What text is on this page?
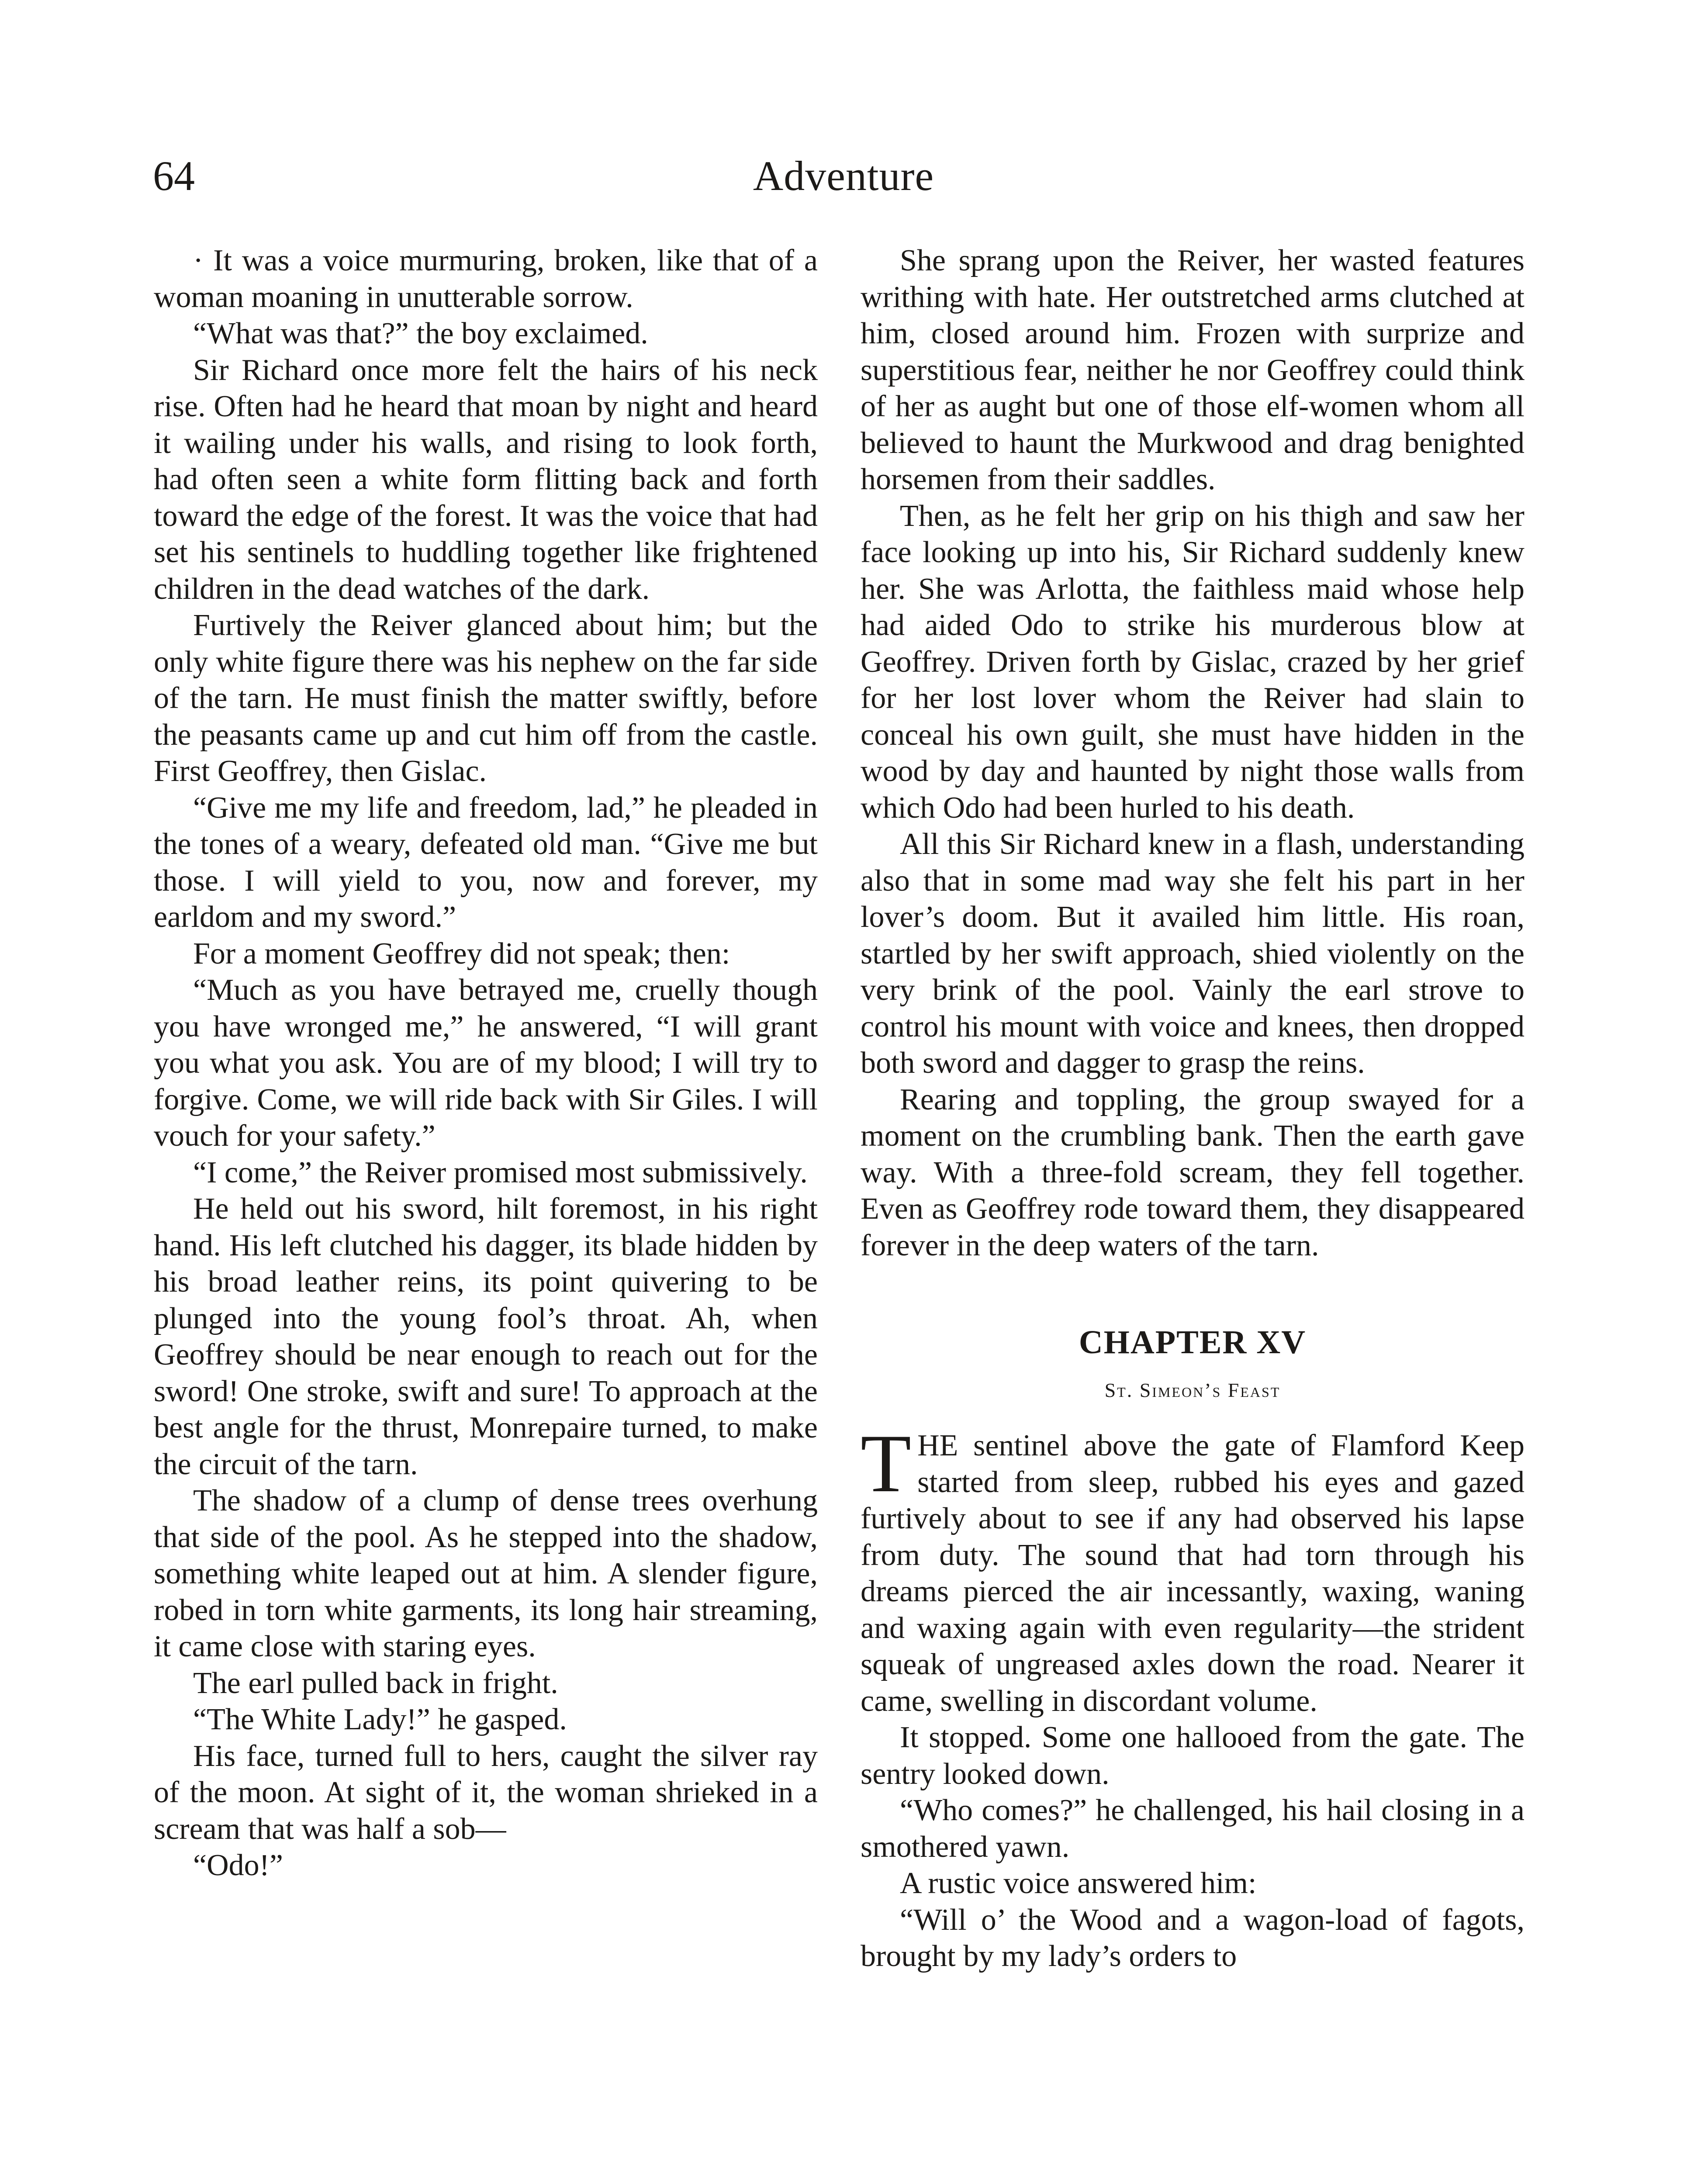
64	Adventure

· It was a voice murmuring, broken, like that of a woman moaning in unutterable sorrow.

“What was that?” the boy exclaimed.

Sir Richard once more felt the hairs of his neck rise. Often had he heard that moan by night and heard it wailing under his walls, and rising to look forth, had often seen a white form flitting back and forth toward the edge of the forest. It was the voice that had set his sentinels to huddling together like frightened children in the dead watches of the dark.

Furtively the Reiver glanced about him; but the only white figure there was his nephew on the far side of the tarn. He must finish the matter swiftly, before the peasants came up and cut him off from the castle. First Geoffrey, then Gislac.

“Give me my life and freedom, lad,” he pleaded in the tones of a weary, defeated old man. “Give me but those. I will yield to you, now and forever, my earldom and my sword.”

For a moment Geoffrey did not speak; then:

“Much as you have betrayed me, cruelly though you have wronged me,” he answered, “I will grant you what you ask. You are of my blood; I will try to forgive. Come, we will ride back with Sir Giles. I will vouch for your safety.”

“I come,” the Reiver promised most submissively.

He held out his sword, hilt foremost, in his right hand. His left clutched his dagger, its blade hidden by his broad leather reins, its point quivering to be plunged into the young fool’s throat. Ah, when Geoffrey should be near enough to reach out for the sword! One stroke, swift and sure! To approach at the best angle for the thrust, Monrepaire turned, to make the circuit of the tarn.

The shadow of a clump of dense trees overhung that side of the pool. As he stepped into the shadow, something white leaped out at him. A slender figure, robed in torn white garments, its long hair streaming, it came close with staring eyes.

The earl pulled back in fright.

“The White Lady!” he gasped.

His face, turned full to hers, caught the silver ray of the moon. At sight of it, the woman shrieked in a scream that was half a sob—

“Odo!”

She sprang upon the Reiver, her wasted features writhing with hate. Her outstretched arms clutched at him, closed around him. Frozen with surprize and superstitious fear, neither he nor Geoffrey could think of her as aught but one of those elf-women whom all believed to haunt the Murkwood and drag benighted horsemen from their saddles.

Then, as he felt her grip on his thigh and saw her face looking up into his, Sir Richard suddenly knew her. She was Arlotta, the faithless maid whose help had aided Odo to strike his murderous blow at Geoffrey. Driven forth by Gislac, crazed by her grief for her lost lover whom the Reiver had slain to conceal his own guilt, she must have hidden in the wood by day and haunted by night those walls from which Odo had been hurled to his death.

All this Sir Richard knew in a flash, understanding also that in some mad way she felt his part in her lover’s doom. But it availed him little. His roan, startled by her swift approach, shied violently on the very brink of the pool. Vainly the earl strove to control his mount with voice and knees, then dropped both sword and dagger to grasp the reins.

Rearing and toppling, the group swayed for a moment on the crumbling bank. Then the earth gave way. With a three-fold scream, they fell together. Even as Geoffrey rode toward them, they disappeared forever in the deep waters of the tarn.

CHAPTER XV
St. Simeon’s Feast

THE sentinel above the gate of Flamford Keep started from sleep, rubbed his eyes and gazed furtively about to see if any had observed his lapse from duty. The sound that had torn through his dreams pierced the air incessantly, waxing, waning and waxing again with even regularity—the strident squeak of ungreased axles down the road. Nearer it came, swelling in discordant volume.

It stopped. Some one hallooed from the gate. The sentry looked down.

“Who comes?” he challenged, his hail closing in a smothered yawn.

A rustic voice answered him:

“Will o’ the Wood and a wagon-load of fagots, brought by my lady’s orders to
